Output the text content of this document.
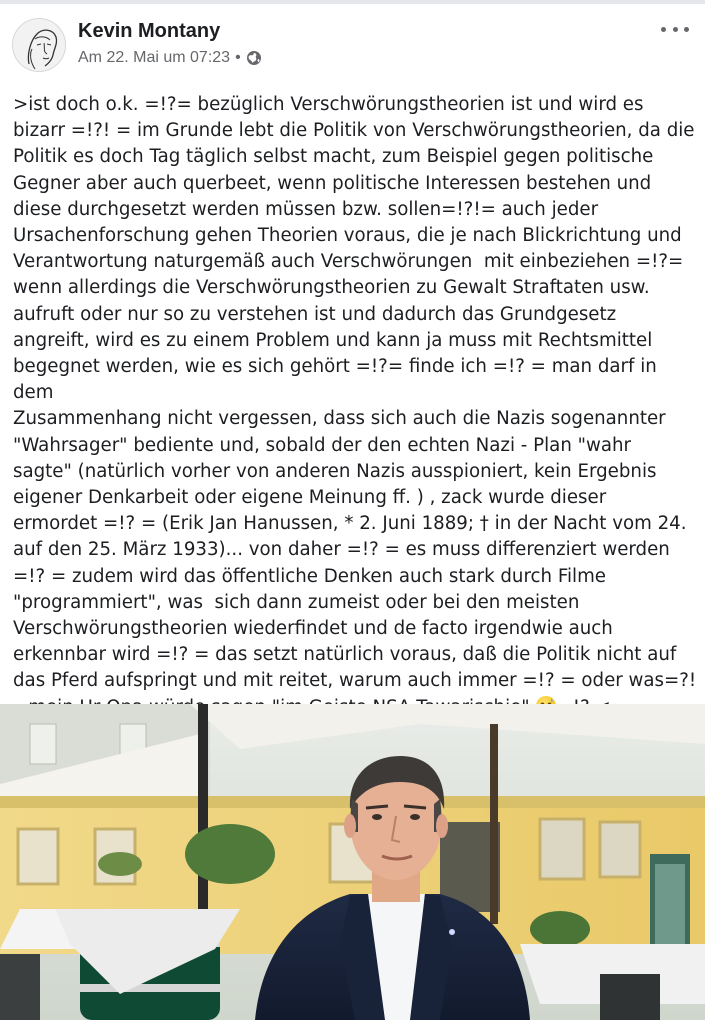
Kevin Montany
Am 22. Mai um 07:23 •
>ist doch o.k. =!?= bezüglich Verschwörungstheorien ist und wird es
bizarr =!?! = im Grunde lebt die Politik von Verschwörungstheorien, da die
Politik es doch Tag täglich selbst macht, zum Beispiel gegen politische
Gegner aber auch querbeet, wenn politische Interessen bestehen und
diese durchgesetzt werden müssen bzw. sollen=!?!= auch jeder
Ursachenforschung gehen Theorien voraus, die je nach Blickrichtung und
Verantwortung naturgemäß auch Verschwörungen  mit einbeziehen =!?=
wenn allerdings die Verschwörungstheorien zu Gewalt Straftaten usw.
aufruft oder nur so zu verstehen ist und dadurch das Grundgesetz
angreift, wird es zu einem Problem und kann ja muss mit Rechtsmittel
begegnet werden, wie es sich gehört =!?= finde ich =!? = man darf in dem
Zusammenhang nicht vergessen, dass sich auch die Nazis sogenannter
"Wahrsager" bediente und, sobald der den echten Nazi - Plan "wahr
sagte" (natürlich vorher von anderen Nazis ausspioniert, kein Ergebnis
eigener Denkarbeit oder eigene Meinung ff. ) , zack wurde dieser
ermordet =!? = (Erik Jan Hanussen, * 2. Juni 1889; † in der Nacht vom 24.
auf den 25. März 1933)... von daher =!? = es muss differenziert werden
=!? = zudem wird das öffentliche Denken auch stark durch Filme
"programmiert", was  sich dann zumeist oder bei den meisten
Verschwörungstheorien wiederfindet und de facto irgendwie auch
erkennbar wird =!? = das setzt natürlich voraus, daß die Politik nicht auf
das Pferd aufspringt und mit reitet, warum auch immer =!? = oder was=?!
